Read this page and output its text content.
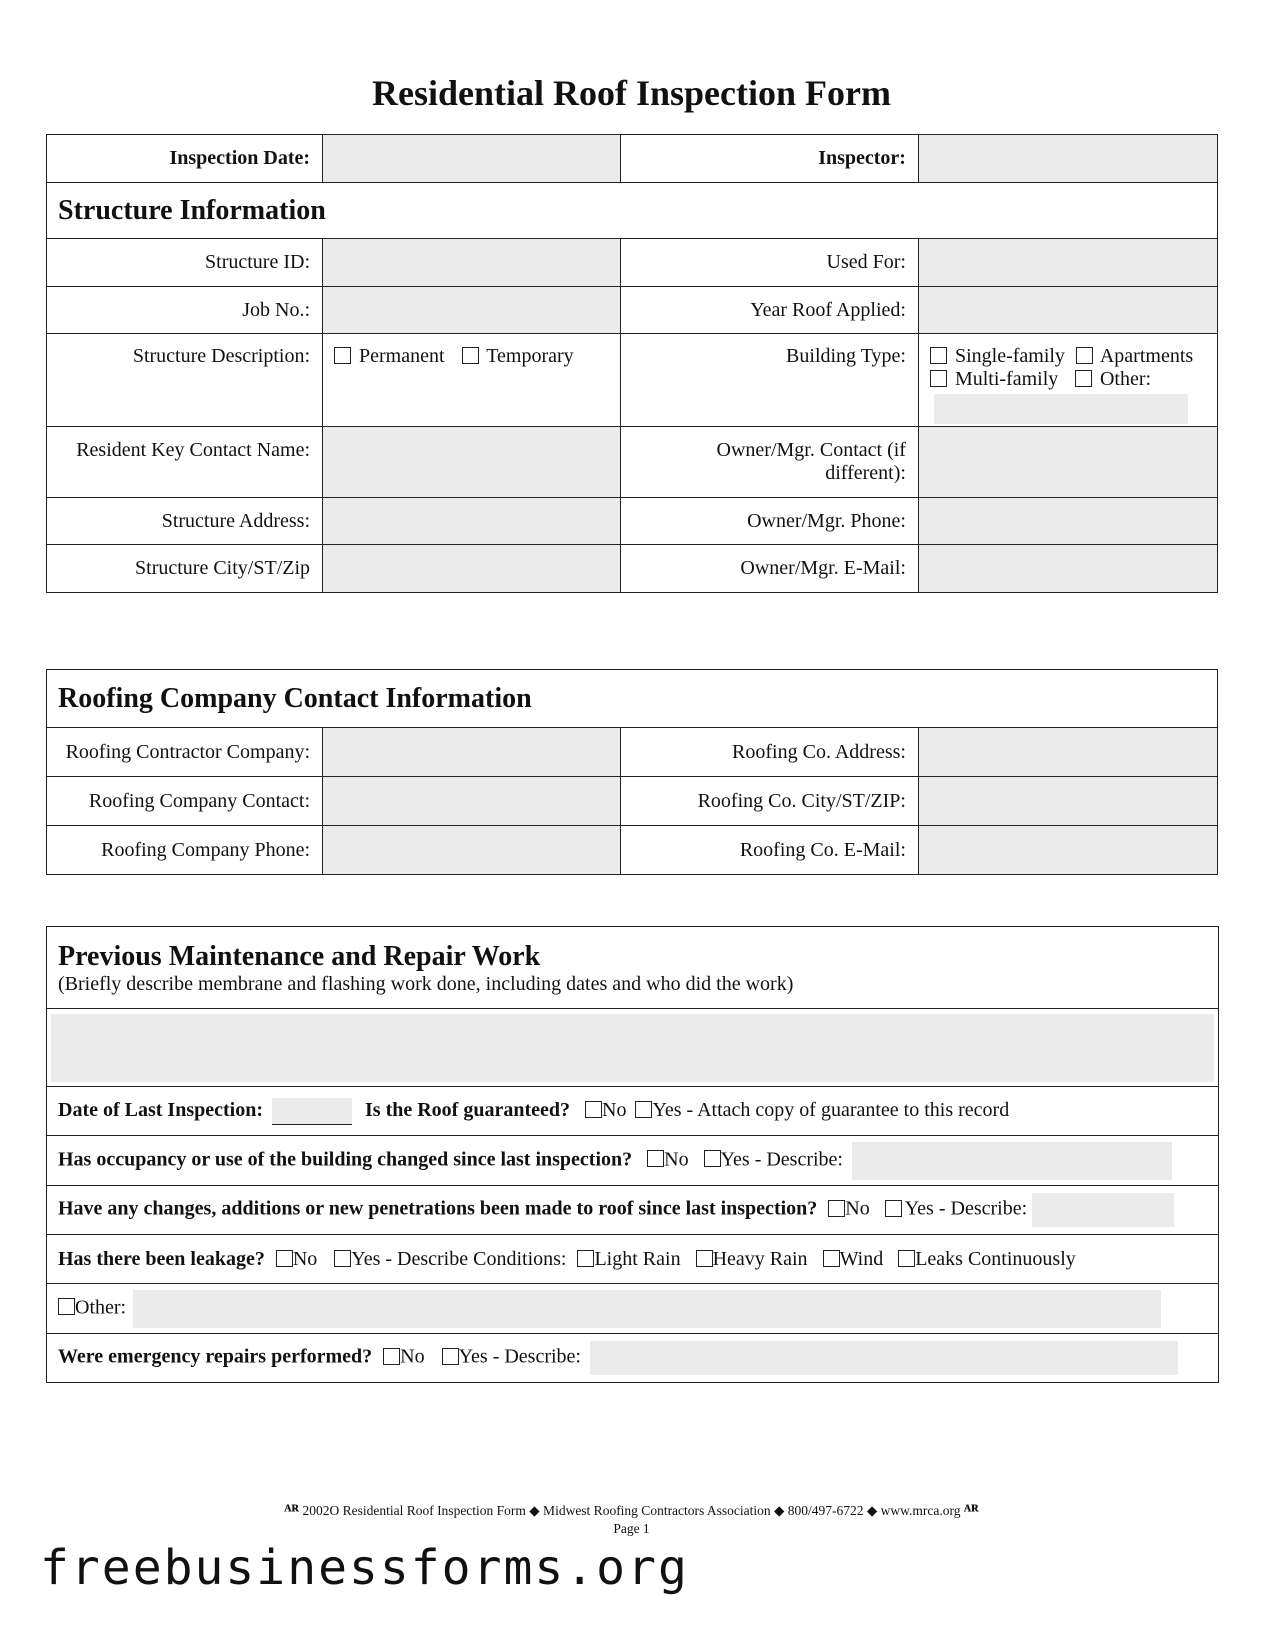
Residential Roof Inspection Form
Inspection Date:		Inspector:	
Structure Information			
Structure ID:		Used For:	
Job No.:		Year Roof Applied:	
Structure Description:	Permanent Temporary	Building Type:	Single-family Apartments
Multi-family Other:

Resident Key Contact Name:		Owner/Mgr. Contact (if different):	

Structure Address:		Owner/Mgr. Phone:	
Structure City/ST/Zip		Owner/Mgr. E-Mail:	
Roofing Company Contact Information			
Roofing Contractor Company:		Roofing Co. Address:	
Roofing Company Contact:		Roofing Co. City/ST/ZIP:	
Roofing Company Phone:		Roofing Co. E-Mail:	
Previous Maintenance and Repair Work
(Briefly describe membrane and flashing work done, including dates and who did the work)

Date of Last Inspection:	Is the Roof guaranteed? No Yes - Attach copy of guarantee to this record
Has occupancy or use of the building changed since last inspection? No Yes - Describe:
Have any changes, additions or new penetrations been made to roof since last inspection? No Yes - Describe:
Has there been leakage? No Yes - Describe Conditions: Light Rain Heavy Rain Wind Leaks Continuously
Other:
Were emergency repairs performed? No Yes - Describe:
ᴬᴿ 2002O Residential Roof Inspection Form ◆ Midwest Roofing Contractors Association ◆ 800/497-6722 ◆ www.mrca.org ᴬᴿ
Page 1
freebusinessforms.org
